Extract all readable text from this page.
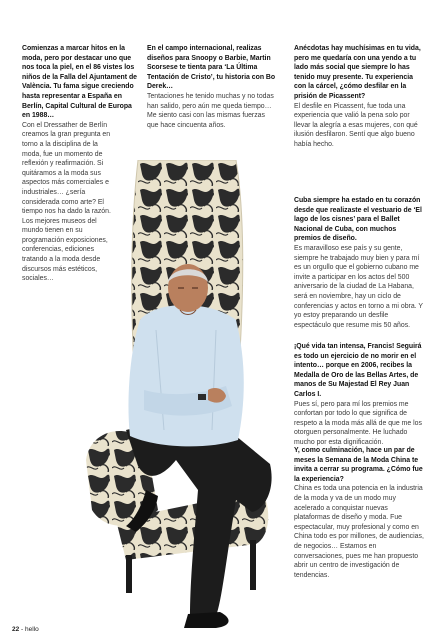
Comienzas a marcar hitos en la moda, pero por destacar uno que nos toca la piel, en el 86 vistes los niños de la Falla del Ajuntament de València. Tu fama sigue creciendo hasta representar a España en Berlín, Capital Cultural de Europa en 1988…
Con el Dressather de Berlín creamos la gran pregunta en torno a la disciplina de la moda, fue un momento de reflexión y reafirmación. Si quitáramos a la moda sus aspectos más comerciales e industriales… ¿sería considerada como arte? El tiempo nos ha dado la razón. Los mejores museos del mundo tienen en su programación exposiciones, conferencias, ediciones tratando a la moda desde discursos más estéticos, sociales…

En el campo internacional, realizas diseños para Snoopy o Barbie, Martin Scorsese te tienta para ‘La Última Tentación de Cristo’, tu historia con Bo Derek…
Tentaciones he tenido muchas y no todas han salido, pero aún me queda tiempo… Me siento casi con las mismas fuerzas que hace cincuenta años.

Anécdotas hay muchísimas en tu vida, pero me quedaría con una yendo a tu lado más social que siempre lo has tenido muy presente. Tu experiencia con la cárcel, ¿cómo desfilar en la prisión de Picassent?
El desfile en Picassent, fue toda una experiencia que valió la pena solo por llevar la alegría a esas mujeres, con qué ilusión desfilaron. Sentí que algo bueno había hecho.

Cuba siempre ha estado en tu corazón desde que realizaste el vestuario de ‘El lago de los cisnes’ para el Ballet Nacional de Cuba, con muchos premios de diseño.
Es maravilloso ese país y su gente, siempre he trabajado muy bien y para mí es un orgullo que el gobierno cubano me invite a participar en los actos del 500 aniversario de la ciudad de La Habana, será en noviembre, hay un ciclo de conferencias y actos en torno a mi obra. Y yo estoy preparando un desfile espectáculo que resume mis 50 años.

¡Qué vida tan intensa, Francis! Seguirá es todo un ejercicio de no morir en el intento… porque en 2006, recibes la Medalla de Oro de las Bellas Artes, de manos de Su Majestad El Rey Juan Carlos I.
Pues sí, pero para mí los premios me confortan por todo lo que significa de respeto a la moda más allá de que me los otorguen personalmente. He luchado mucho por esta dignificación.

Y, como culminación, hace un par de meses la Semana de la Moda China te invita a cerrar su programa. ¿Cómo fue la experiencia?
China es toda una potencia en la industria de la moda y va de un modo muy acelerado a conquistar nuevas plataformas de diseño y moda. Fue espectacular, muy profesional y como en China todo es por millones, de audiencias, de negocios… Estamos en conversaciones, pues me han propuesto abrir un centro de investigación de tendencias.

22 - hello
